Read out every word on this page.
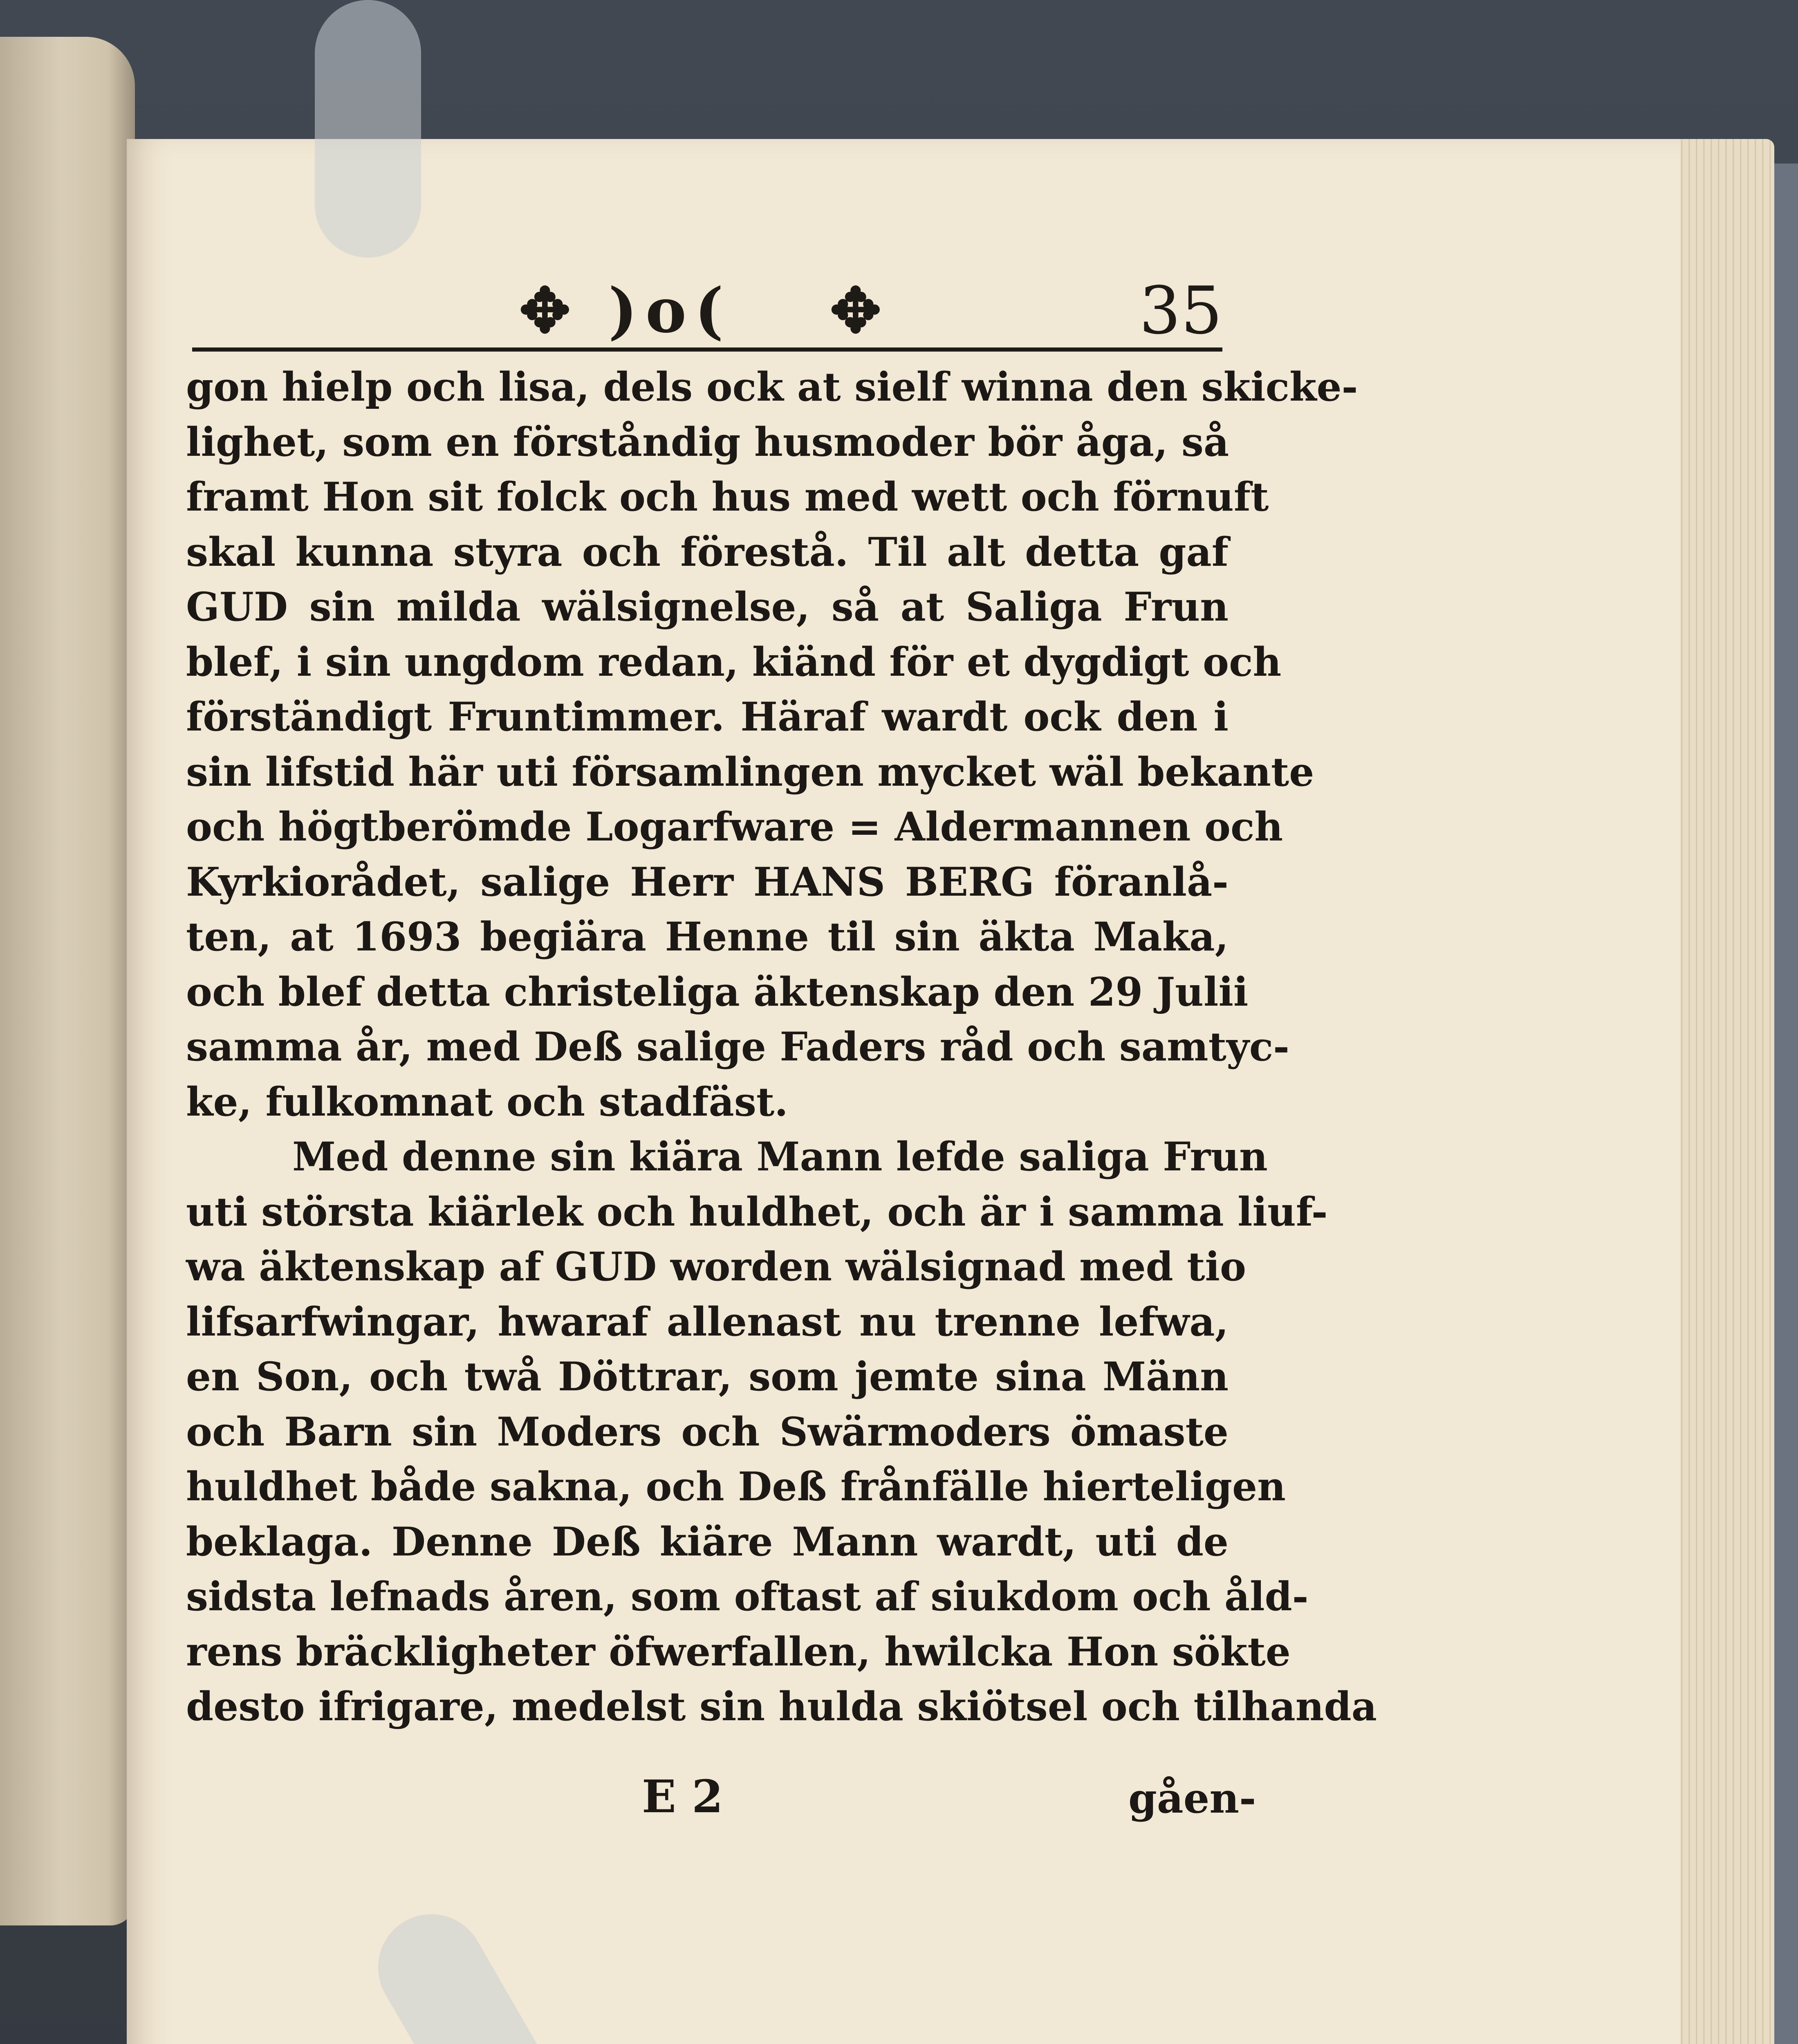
✥ )o( ✥	35
gon hielp och lisa, dels ock at sielf winna den skicke-
lighet, som en förståndig husmoder bör åga, så
framt Hon sit folck och hus med wett och förnuft
skal kunna styra och förestå. Til alt detta gaf
GUD sin milda wälsignelse, så at Saliga Frun
blef, i sin ungdom redan, kiänd för et dygdigt och
förständigt Fruntimmer. Häraf wardt ock den i
sin lifstid här uti församlingen mycket wäl bekante
och högtberömde Logarfware = Aldermannen och
Kyrkiorådet, salige Herr HANS BERG föranlå-
ten, at 1693 begiära Henne til sin äkta Maka,
och blef detta christeliga äktenskap den 29 Julii
samma år, med Deß salige Faders råd och samtyc-
ke, fulkomnat och stadfäst.
Med denne sin kiära Mann lefde saliga Frun
uti största kiärlek och huldhet, och är i samma liuf-
wa äktenskap af GUD worden wälsignad med tio
lifsarfwingar, hwaraf allenast nu trenne lefwa,
en Son, och twå Döttrar, som jemte sina Männ
och Barn sin Moders och Swärmoders ömaste
huldhet både sakna, och Deß frånfälle hierteligen
beklaga. Denne Deß kiäre Mann wardt, uti de
sidsta lefnads åren, som oftast af siukdom och åld-
rens bräckligheter öfwerfallen, hwilcka Hon sökte
desto ifrigare, medelst sin hulda skiötsel och tilhanda
E 2	gåen-
